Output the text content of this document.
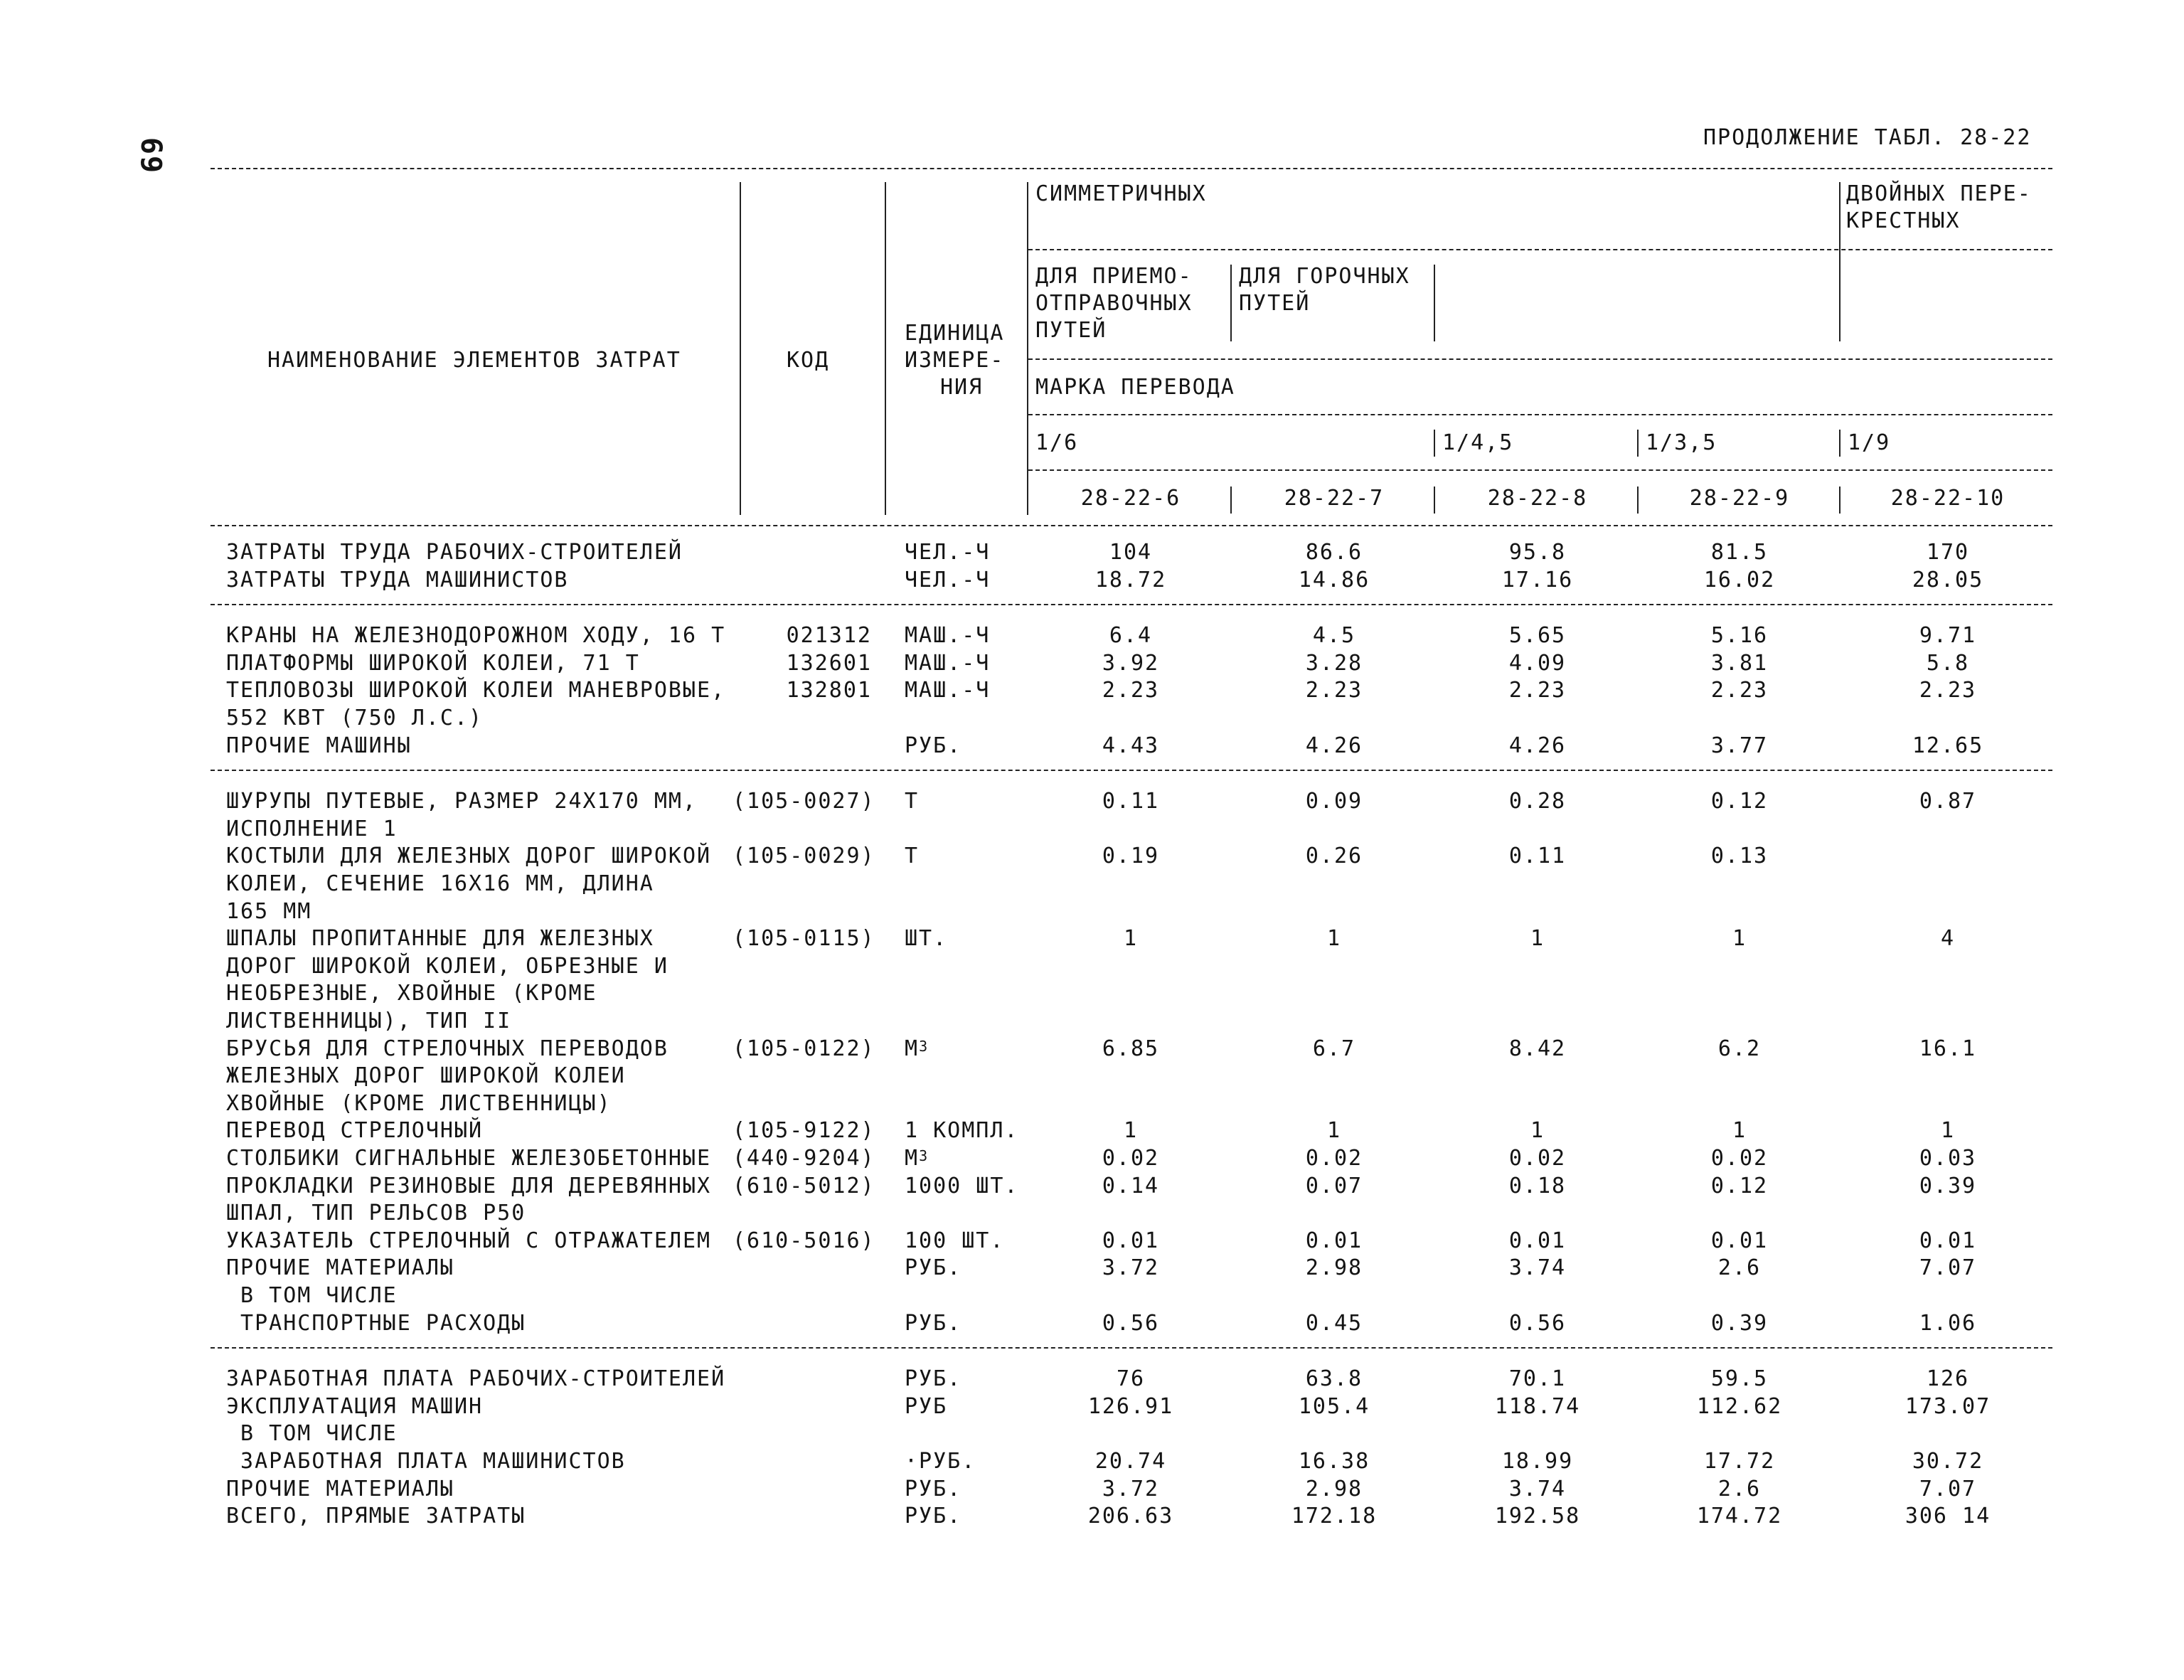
69	ПРОДОЛЖЕНИЕ ТАБЛ. 28-22
НАИМЕНОВАНИЕ ЭЛЕМЕНТОВ ЗАТРАТ	КОД
ЕДИНИЦА
ИЗМЕРЕ-
НИЯ
СИММЕТРИЧНЫХ	ДВОЙНЫХ ПЕРЕ-
КРЕСТНЫХ
ДЛЯ ПРИЕМО-
ОТПРАВОЧНЫХ
ПУТЕЙ
ДЛЯ ГОРОЧНЫХ
ПУТЕЙ
МАРКА ПЕРЕВОДА
1/6	1/4,5	1/3,5	1/9
28-22-6	28-22-7	28-22-8	28-22-9	28-22-10
ЗАТРАТЫ ТРУДА РАБОЧИХ-СТРОИТЕЛЕЙ	ЧЕЛ.-Ч	104	86.6	95.8	81.5	170
ЗАТРАТЫ ТРУДА МАШИНИСТОВ	ЧЕЛ.-Ч	18.72	14.86	17.16	16.02	28.05
КРАНЫ НА ЖЕЛЕЗНОДОРОЖНОМ ХОДУ, 16 Т	021312 МАШ.-Ч	6.4	4.5	5.65	5.16	9.71
ПЛАТФОРМЫ ШИРОКОЙ КОЛЕИ, 71 Т	132601 МАШ.-Ч	3.92	3.28	4.09	3.81	5.8
ТЕПЛОВОЗЫ ШИРОКОЙ КОЛЕИ МАНЕВРОВЫЕ,
552 КВТ (750 Л.С.)
132801 МАШ.-Ч	2.23	2.23	2.23	2.23	2.23
ПРОЧИЕ МАШИНЫ	РУБ.	4.43	4.26	4.26	3.77	12.65
ШУРУПЫ ПУТЕВЫЕ, РАЗМЕР 24Х170 ММ,
ИСПОЛНЕНИЕ 1
(105-0027) Т	0.11	0.09	0.28	0.12	0.87
КОСТЫЛИ ДЛЯ ЖЕЛЕЗНЫХ ДОРОГ ШИРОКОЙ
КОЛЕИ, СЕЧЕНИЕ 16Х16 ММ, ДЛИНА
165 ММ
(105-0029) Т	0.19	0.26	0.11	0.13
ШПАЛЫ ПРОПИТАННЫЕ ДЛЯ ЖЕЛЕЗНЫХ
ДОРОГ ШИРОКОЙ КОЛЕИ, ОБРЕЗНЫЕ И
НЕОБРЕЗНЫЕ, ХВОЙНЫЕ (КРОМЕ
ЛИСТВЕННИЦЫ), ТИП II
(105-0115) ШТ.	1	1	1	1	4
БРУСЬЯ ДЛЯ СТРЕЛОЧНЫХ ПЕРЕВОДОВ
ЖЕЛЕЗНЫХ ДОРОГ ШИРОКОЙ КОЛЕИ
ХВОЙНЫЕ (КРОМЕ ЛИСТВЕННИЦЫ)
(105-0122) $М^3$	6.85	6.7	8.42	6.2	16.1
ПЕРЕВОД СТРЕЛОЧНЫЙ	(105-9122) 1 КОМПЛ.	1	1	1	1	1
СТОЛБИКИ СИГНАЛЬНЫЕ ЖЕЛЕЗОБЕТОННЫЕ (440-9204) $М^3$	0.02	0.02	0.02	0.02	0.03
ПРОКЛАДКИ РЕЗИНОВЫЕ ДЛЯ ДЕРЕВЯННЫХ
ШПАЛ, ТИП РЕЛЬСОВ Р50
(610-5012) 1000 ШТ.	0.14	0.07	0.18	0.12	0.39
УКАЗАТЕЛЬ СТРЕЛОЧНЫЙ С ОТРАЖАТЕЛЕМ (610-5016) 100 ШТ.	0.01	0.01	0.01	0.01	0.01
ПРОЧИЕ МАТЕРИАЛЫ
В ТОМ ЧИСЛЕ
РУБ.	3.72	2.98	3.74	2.6	7.07
ТРАНСПОРТНЫЕ РАСХОДЫ	РУБ.	0.56	0.45	0.56	0.39	1.06
ЗАРАБОТНАЯ ПЛАТА РАБОЧИХ-СТРОИТЕЛЕЙ	РУБ.	76	63.8	70.1	59.5	126
ЭКСПЛУАТАЦИЯ МАШИН
В ТОМ ЧИСЛЕ
РУБ	126.91	105.4	118.74	112.62	173.07
ЗАРАБОТНАЯ ПЛАТА МАШИНИСТОВ	·РУБ.	20.74	16.38	18.99	17.72	30.72
ПРОЧИЕ МАТЕРИАЛЫ	РУБ.	3.72	2.98	3.74	2.6	7.07
ВСЕГО, ПРЯМЫЕ ЗАТРАТЫ	РУБ.	206.63	172.18	192.58	174.72	306 14
